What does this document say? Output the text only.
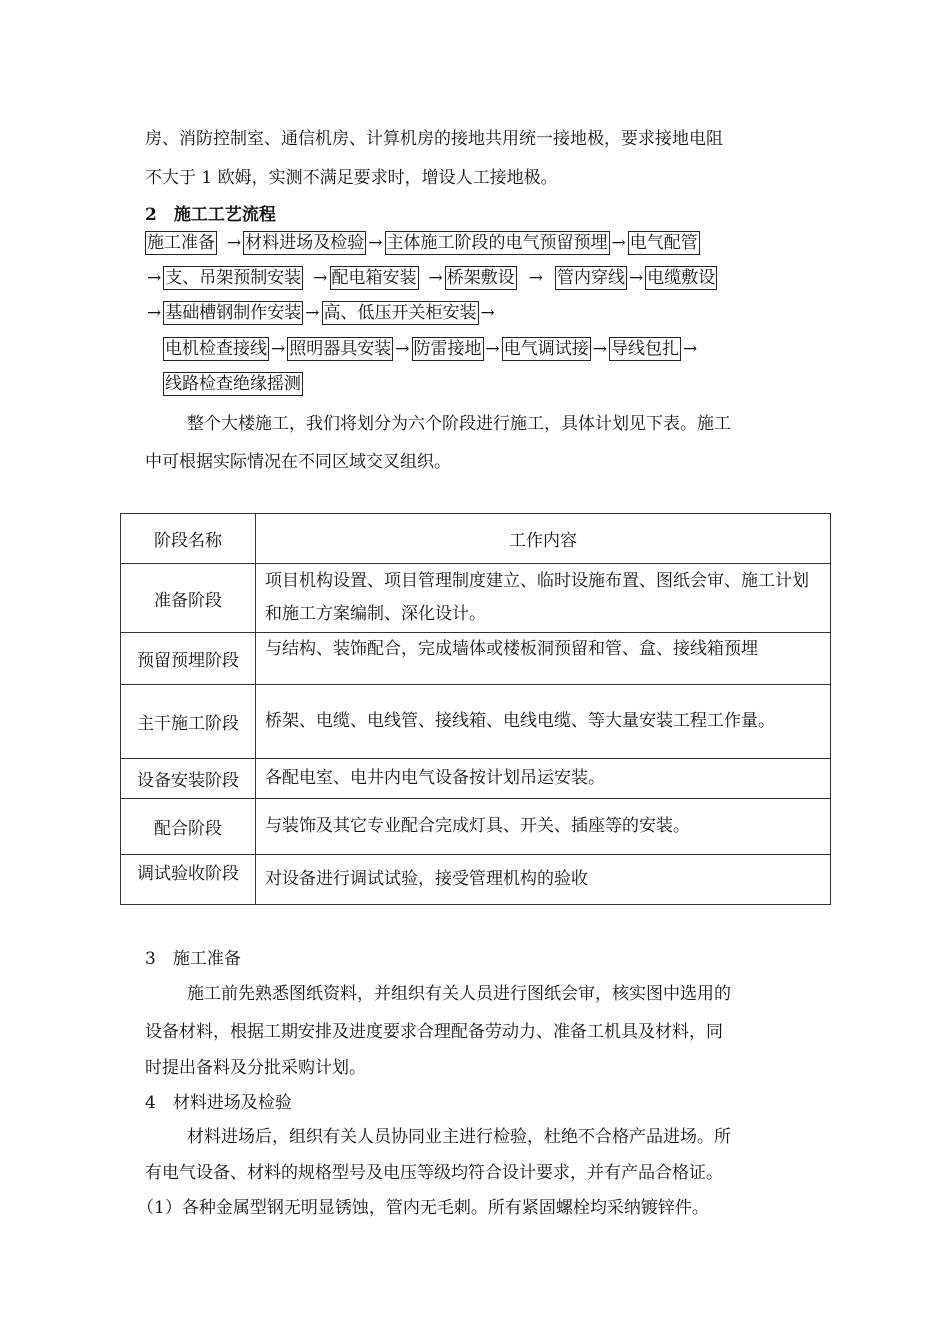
房、消防控制室、通信机房、计算机房的接地共用统一接地极，要求接地电阻
不大于 1 欧姆，实测不满足要求时，增设人工接地极。
2　施工工艺流程
施工准备 → 材料进场及检验 → 主体施工阶段的电气预留预埋 → 电气配管
→ 支、吊架预制安装 → 配电箱安装 → 桥架敷设 → 管内穿线 → 电缆敷设
→ 基础槽钢制作安装 → 高、低压开关柜安装 →
电机检查接线 → 照明器具安装 → 防雷接地 → 电气调试接 → 导线包扎 →
线路检查绝缘摇测
整个大楼施工，我们将划分为六个阶段进行施工，具体计划见下表。施工
中可根据实际情况在不同区域交叉组织。
阶段名称	工作内容
准备阶段	项目机构设置、项目管理制度建立、临时设施布置、图纸会审、施工计划和施工方案编制、深化设计。
预留预埋阶段	与结构、装饰配合，完成墙体或楼板洞预留和管、盒、接线箱预埋

主干施工阶段	桥架、电缆、电线管、接线箱、电线电缆、等大量安装工程工作量。
设备安装阶段	各配电室、电井内电气设备按计划吊运安装。
配合阶段	与装饰及其它专业配合完成灯具、开关、插座等的安装。
调试验收阶段	对设备进行调试试验，接受管理机构的验收
3　施工准备
施工前先熟悉图纸资料，并组织有关人员进行图纸会审，核实图中选用的
设备材料，根据工期安排及进度要求合理配备劳动力、准备工机具及材料，同
时提出备料及分批采购计划。
4　材料进场及检验
材料进场后，组织有关人员协同业主进行检验，杜绝不合格产品进场。所
有电气设备、材料的规格型号及电压等级均符合设计要求，并有产品合格证。
（1）各种金属型钢无明显锈蚀，管内无毛刺。所有紧固螺栓均采纳镀锌件。
